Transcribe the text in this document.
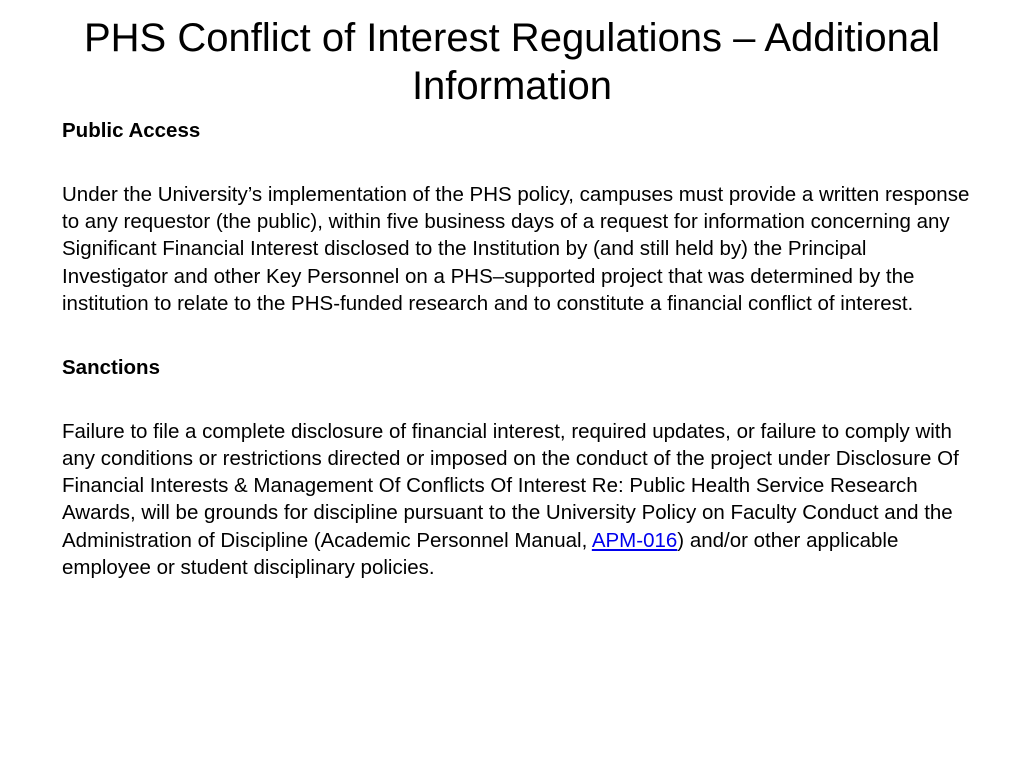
PHS Conflict of Interest Regulations – Additional Information

Public Access

Under the University’s implementation of the PHS policy, campuses must provide a written response to any requestor (the public), within five business days of a request for information concerning any Significant Financial Interest disclosed to the Institution by (and still held by) the Principal Investigator and other Key Personnel on a PHS–supported project that was determined by the institution to relate to the PHS-funded research and to constitute a financial conflict of interest.

Sanctions

Failure to file a complete disclosure of financial interest, required updates, or failure to comply with any conditions or restrictions directed or imposed on the conduct of the project under Disclosure Of Financial Interests & Management Of Conflicts Of Interest Re: Public Health Service Research Awards, will be grounds for discipline pursuant to the University Policy on Faculty Conduct and the Administration of Discipline (Academic Personnel Manual, APM-016) and/or other applicable employee or student disciplinary policies.
